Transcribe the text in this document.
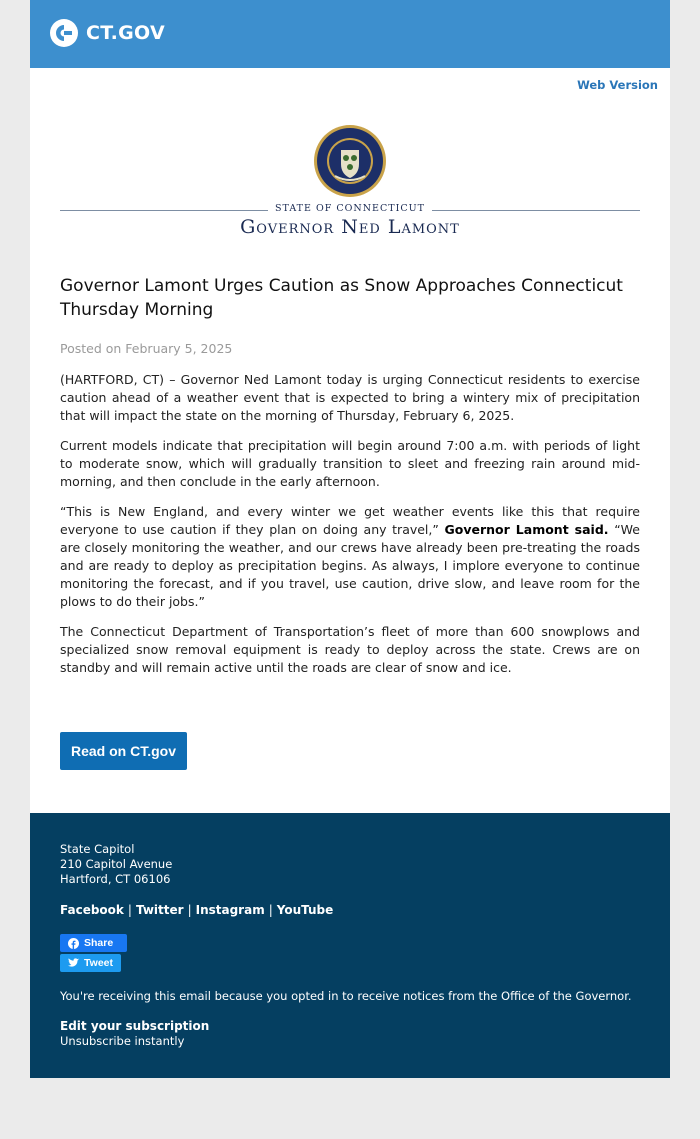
CT.GOV
Web Version
STATE OF CONNECTICUT
Governor Ned Lamont
Governor Lamont Urges Caution as Snow Approaches Connecticut Thursday Morning
Posted on February 5, 2025

(HARTFORD, CT) – Governor Ned Lamont today is urging Connecticut residents to exercise caution ahead of a weather event that is expected to bring a wintery mix of precipitation that will impact the state on the morning of Thursday, February 6, 2025.

Current models indicate that precipitation will begin around 7:00 a.m. with periods of light to moderate snow, which will gradually transition to sleet and freezing rain around mid-morning, and then conclude in the early afternoon.

“This is New England, and every winter we get weather events like this that require everyone to use caution if they plan on doing any travel,” Governor Lamont said. “We are closely monitoring the weather, and our crews have already been pre-treating the roads and are ready to deploy as precipitation begins. As always, I implore everyone to continue monitoring the forecast, and if you travel, use caution, drive slow, and leave room for the plows to do their jobs.”

The Connecticut Department of Transportation’s fleet of more than 600 snowplows and specialized snow removal equipment is ready to deploy across the state. Crews are on standby and will remain active until the roads are clear of snow and ice.

Read on CT.gov
State Capitol
210 Capitol Avenue
Hartford, CT 06106
Facebook | Twitter | Instagram | YouTube
Share
Tweet
You're receiving this email because you opted in to receive notices from the Office of the Governor.
Edit your subscription
Unsubscribe instantly
